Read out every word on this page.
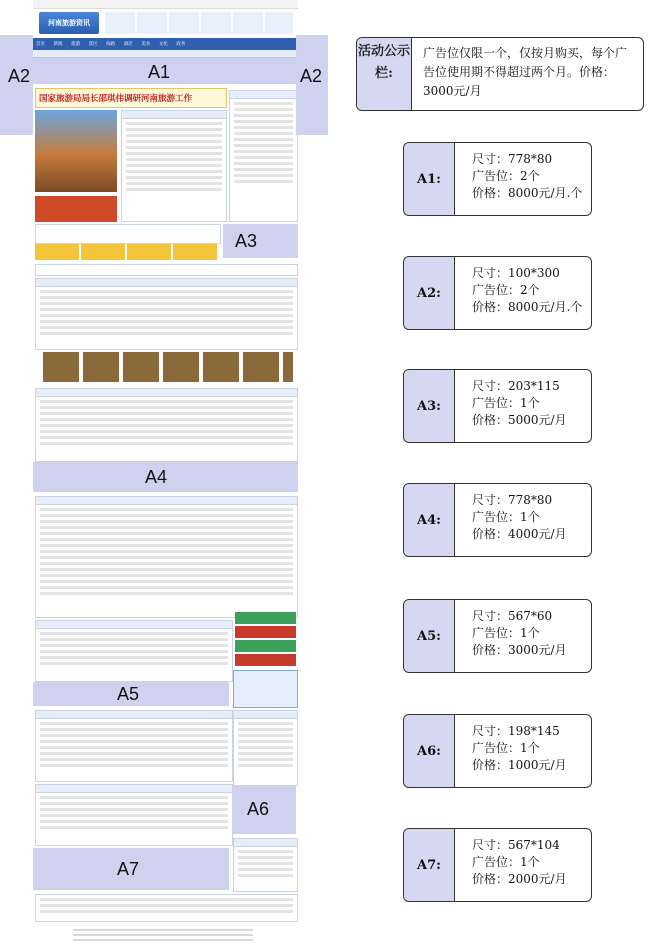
A2
河南旅游资讯
首页 新闻 旅游 景区 线路 酒店 美食 文化 政务
A1
国家旅游局局长邵琪伟调研河南旅游工作
A3
A4
A5
A6
A7
A2
活动公示栏:
广告位仅限一个，仅按月购买，每个广告位使用期不得超过两个月。价格：3000元/月
A1:
尺寸：778*80
广告位：2个
价格：8000元/月.个
A2:
尺寸：100*300
广告位：2个
价格：8000元/月.个
A3:
尺寸：203*115
广告位：1个
价格：5000元/月
A4:
尺寸：778*80
广告位：1个
价格：4000元/月
A5:
尺寸：567*60
广告位：1个
价格：3000元/月
A6:
尺寸：198*145
广告位：1个
价格：1000元/月
A7:
尺寸：567*104
广告位：1个
价格：2000元/月
